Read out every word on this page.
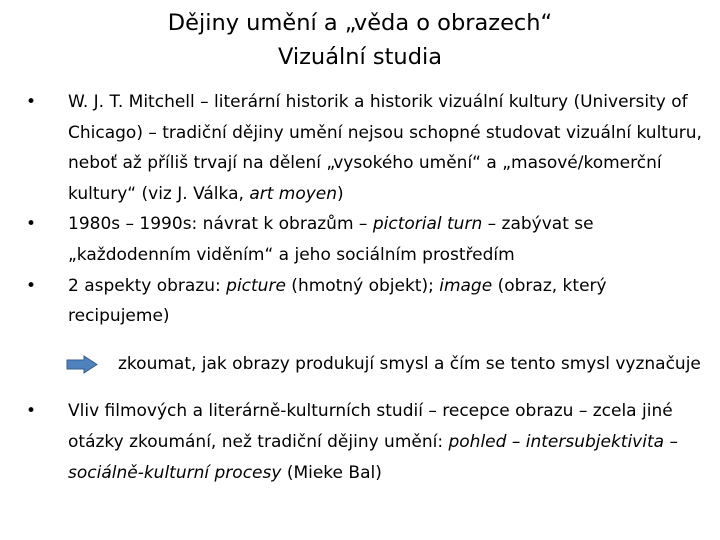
Dějiny umění a „věda o obrazech“
Vizuální studia

•	W. J. T. Mitchell – literární historik a historik vizuální kultury (University of Chicago) – tradiční dějiny umění nejsou schopné studovat vizuální kulturu, neboť až příliš trvají na dělení „vysokého umění“ a „masové/komerční kultury“ (viz J. Válka, art moyen)

•	1980s – 1990s: návrat k obrazům – pictorial turn – zabývat se „každodenním viděním“ a jeho sociálním prostředím

•	2 aspekty obrazu: picture (hmotný objekt); image (obraz, který recipujeme)

zkoumat, jak obrazy produkují smysl a čím se tento smysl vyznačuje

•	Vliv filmových a literárně-kulturních studií – recepce obrazu – zcela jiné otázky zkoumání, než tradiční dějiny umění: pohled – intersubjektivita – sociálně-kulturní procesy (Mieke Bal)
